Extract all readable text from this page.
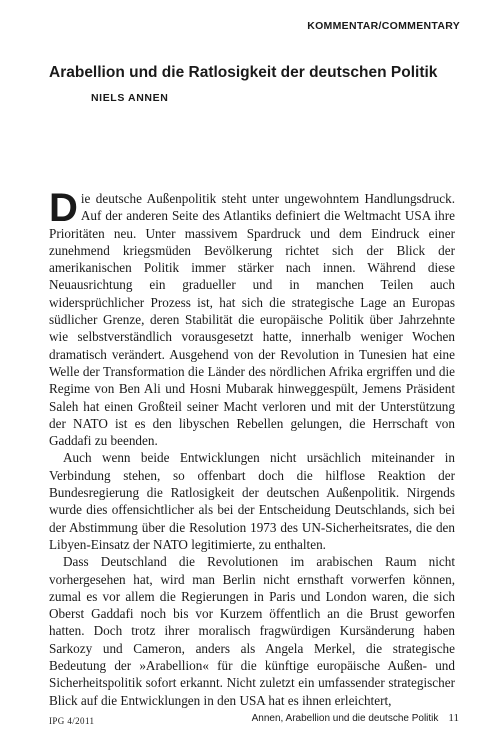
KOMMENTAR/COMMENTARY
Arabellion und die Ratlosigkeit der deutschen Politik
NIELS ANNEN

Die deutsche Außenpolitik steht unter ungewohntem Handlungsdruck. Auf der anderen Seite des Atlantiks definiert die Weltmacht USA ihre Prioritäten neu. Unter massivem Spardruck und dem Eindruck einer zunehmend kriegsmüden Bevölkerung richtet sich der Blick der amerikanischen Politik immer stärker nach innen. Während diese Neuausrichtung ein gradueller und in manchen Teilen auch widersprüchlicher Prozess ist, hat sich die strategische Lage an Europas südlicher Grenze, deren Stabilität die europäische Politik über Jahrzehnte wie selbstverständlich vorausgesetzt hatte, innerhalb weniger Wochen dramatisch verändert. Ausgehend von der Revolution in Tunesien hat eine Welle der Transformation die Länder des nördlichen Afrika ergriffen und die Regime von Ben Ali und Hosni Mubarak hinweggespült, Jemens Präsident Saleh hat einen Großteil seiner Macht verloren und mit der Unterstützung der NATO ist es den libyschen Rebellen gelungen, die Herrschaft von Gaddafi zu beenden.

Auch wenn beide Entwicklungen nicht ursächlich miteinander in Verbindung stehen, so offenbart doch die hilflose Reaktion der Bundesregierung die Ratlosigkeit der deutschen Außenpolitik. Nirgends wurde dies offensichtlicher als bei der Entscheidung Deutschlands, sich bei der Abstimmung über die Resolution 1973 des UN-Sicherheitsrates, die den Libyen-Einsatz der NATO legitimierte, zu enthalten.

Dass Deutschland die Revolutionen im arabischen Raum nicht vorhergesehen hat, wird man Berlin nicht ernsthaft vorwerfen können, zumal es vor allem die Regierungen in Paris und London waren, die sich Oberst Gaddafi noch bis vor Kurzem öffentlich an die Brust geworfen hatten. Doch trotz ihrer moralisch fragwürdigen Kursänderung haben Sarkozy und Cameron, anders als Angela Merkel, die strategische Bedeutung der »Arabellion« für die künftige europäische Außen- und Sicherheitspolitik sofort erkannt. Nicht zuletzt ein umfassender strategischer Blick auf die Entwicklungen in den USA hat es ihnen erleichtert,

IPG 4/2011	Annen, Arabellion und die deutsche Politik 11
